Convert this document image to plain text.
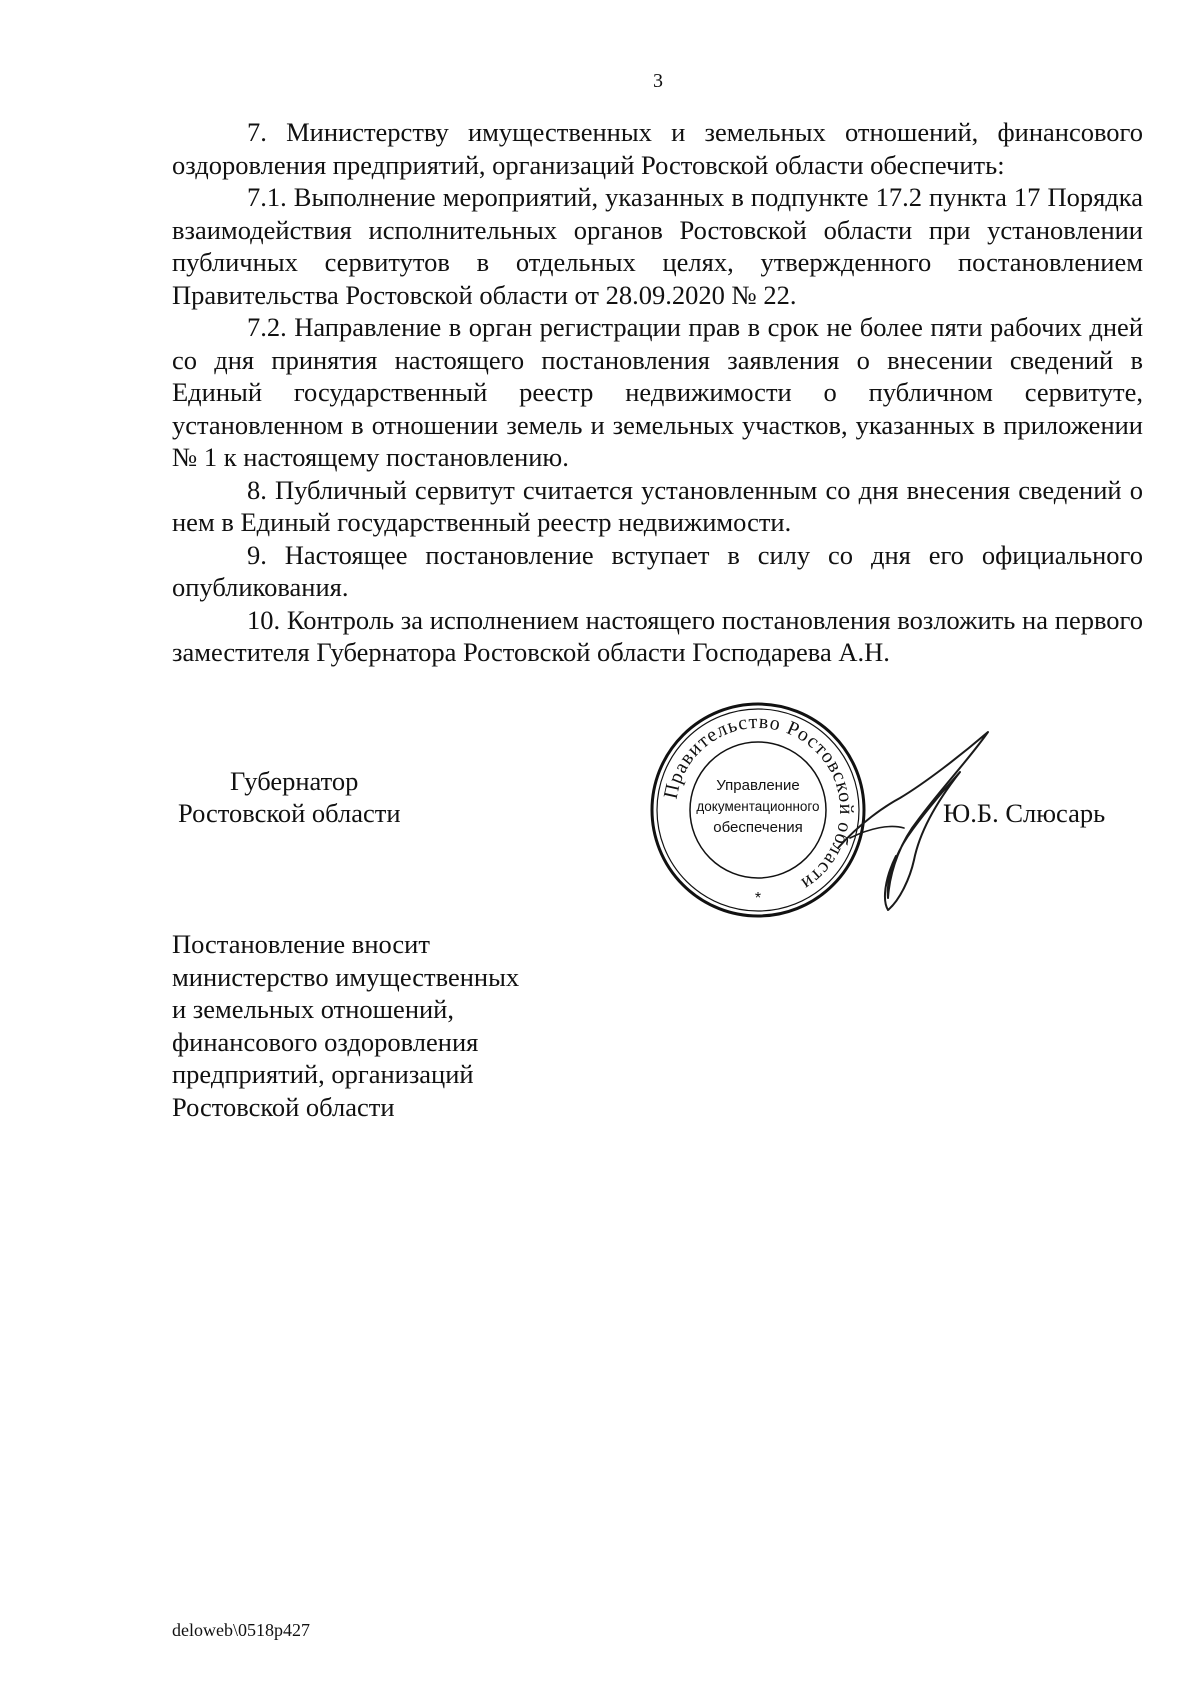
3

7. Министерству имущественных и земельных отношений, финансового оздоровления предприятий, организаций Ростовской области обеспечить:

7.1. Выполнение мероприятий, указанных в подпункте 17.2 пункта 17 Порядка взаимодействия исполнительных органов Ростовской области при установлении публичных сервитутов в отдельных целях, утвержденного постановлением Правительства Ростовской области от 28.09.2020 № 22.

7.2. Направление в орган регистрации прав в срок не более пяти рабочих дней со дня принятия настоящего постановления заявления о внесении сведений в Единый государственный реестр недвижимости о публичном сервитуте, установленном в отношении земель и земельных участков, указанных в приложении № 1 к настоящему постановлению.

8. Публичный сервитут считается установленным со дня внесения сведений о нем в Единый государственный реестр недвижимости.

9. Настоящее постановление вступает в силу со дня его официального опубликования.

10. Контроль за исполнением настоящего постановления возложить на первого заместителя Губернатора Ростовской области Господарева А.Н.

Губернатор
Ростовской области
Правительство Ростовской области
Управление
документационного
обеспечения
*
Ю.Б. Слюсарь
Постановление вносит
министерство имущественных
и земельных отношений,
финансового оздоровления
предприятий, организаций
Ростовской области
deloweb\0518p427
